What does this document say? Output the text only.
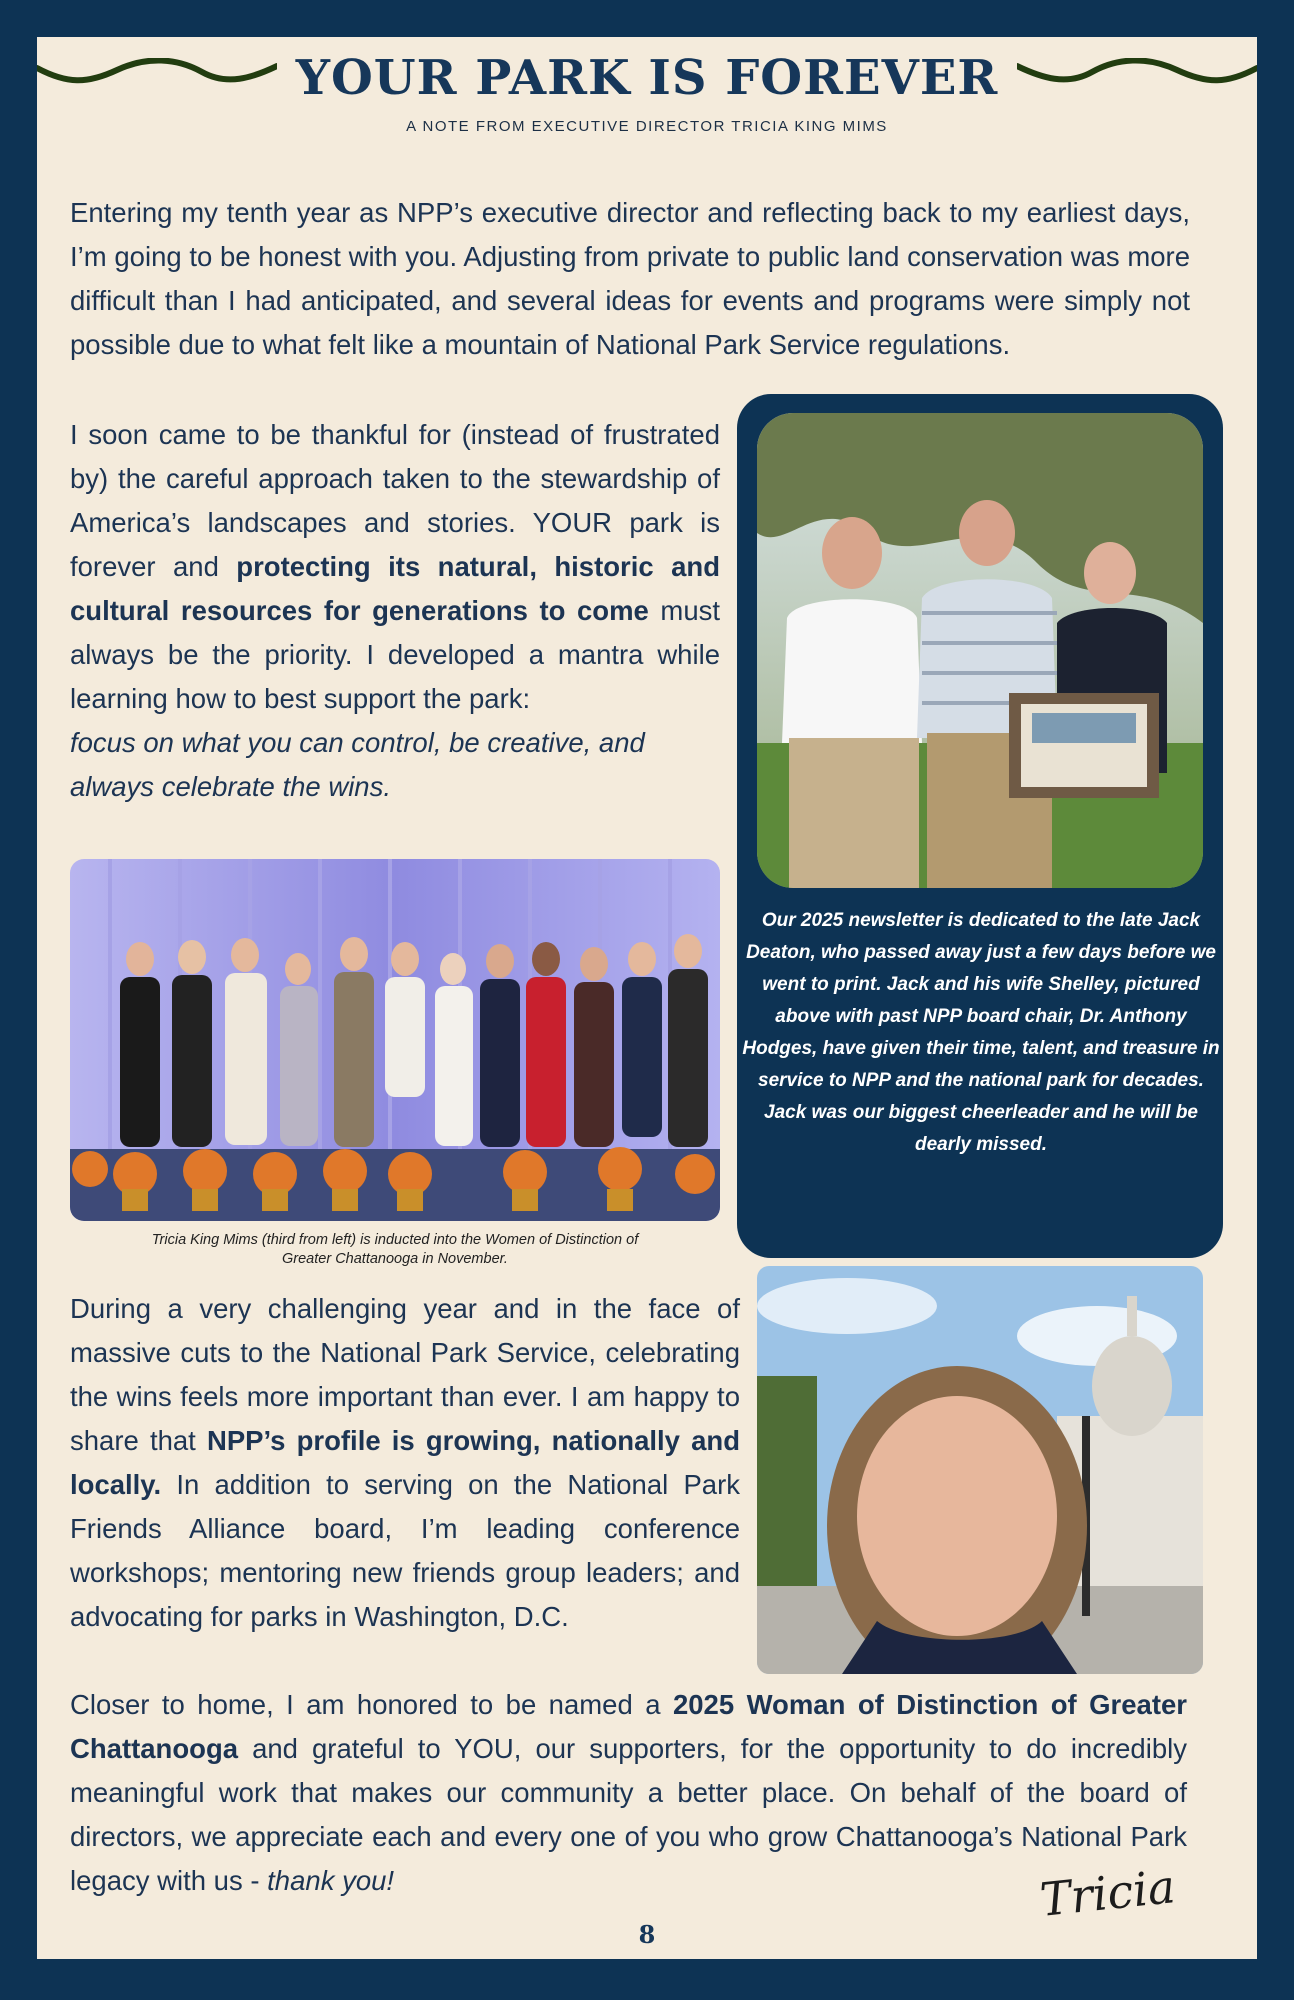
YOUR PARK IS FOREVER
A NOTE FROM EXECUTIVE DIRECTOR TRICIA KING MIMS

Entering my tenth year as NPP’s executive director and reflecting back to my earliest days, I’m going to be honest with you. Adjusting from private to public land conservation was more difficult than I had anticipated, and several ideas for events and programs were simply not possible due to what felt like a mountain of National Park Service regulations.

I soon came to be thankful for (instead of frustrated by) the careful approach taken to the stewardship of America’s landscapes and stories. YOUR park is forever and protecting its natural, historic and cultural resources for generations to come must always be the priority. I developed a mantra while learning how to best support the park:

focus on what you can control, be creative, and always celebrate the wins.

Our 2025 newsletter is dedicated to the late Jack Deaton, who passed away just a few days before we went to print. Jack and his wife Shelley, pictured above with past NPP board chair, Dr. Anthony Hodges, have given their time, talent, and treasure in service to NPP and the national park for decades. Jack was our biggest cheerleader and he will be dearly missed.
Tricia King Mims (third from left) is inducted into the Women of Distinction of Greater Chattanooga in November.

During a very challenging year and in the face of massive cuts to the National Park Service, celebrating the wins feels more important than ever. I am happy to share that NPP’s profile is growing, nationally and locally. In addition to serving on the National Park Friends Alliance board, I’m leading conference workshops; mentoring new friends group leaders; and advocating for parks in Washington, D.C.

Closer to home, I am honored to be named a 2025 Woman of Distinction of Greater Chattanooga and grateful to YOU, our supporters, for the opportunity to do incredibly meaningful work that makes our community a better place. On behalf of the board of directors, we appreciate each and every one of you who grow Chattanooga’s National Park legacy with us - thank you!	Tricia
8
